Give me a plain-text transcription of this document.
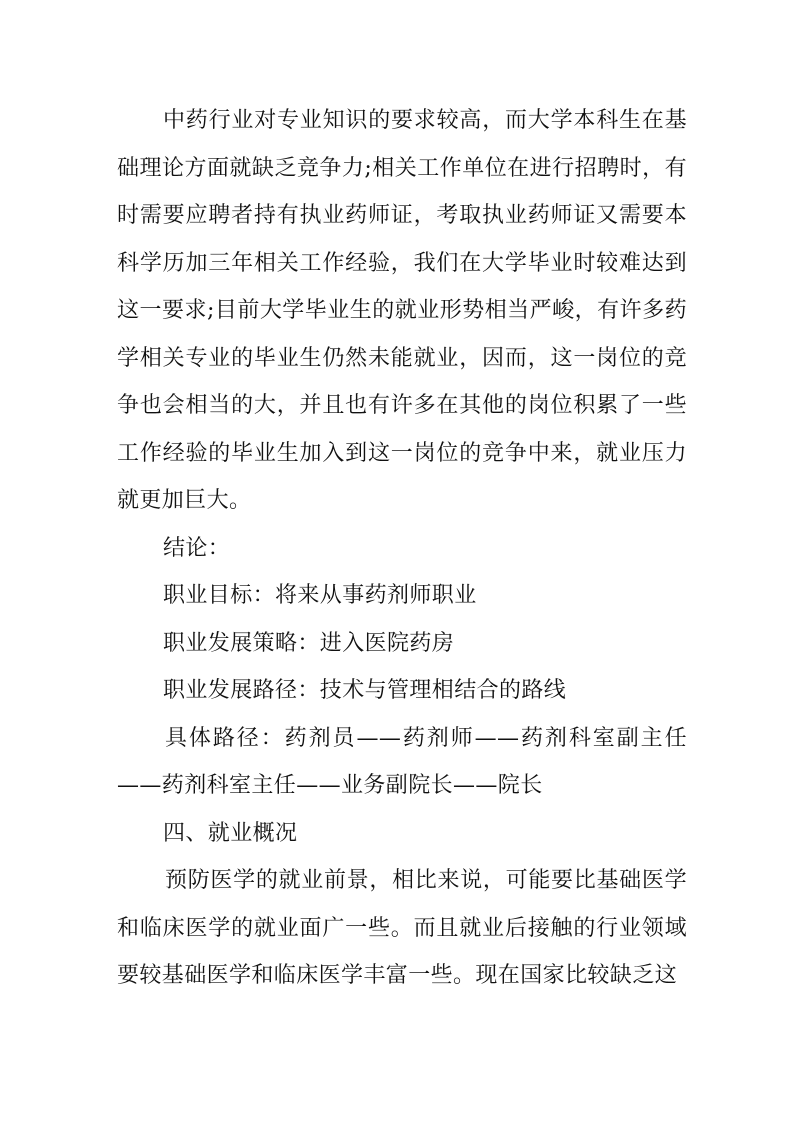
中药行业对专业知识的要求较高，而大学本科生在基础理论方面就缺乏竞争力;相关工作单位在进行招聘时，有时需要应聘者持有执业药师证，考取执业药师证又需要本科学历加三年相关工作经验，我们在大学毕业时较难达到这一要求;目前大学毕业生的就业形势相当严峻，有许多药学相关专业的毕业生仍然未能就业，因而，这一岗位的竞争也会相当的大，并且也有许多在其他的岗位积累了一些工作经验的毕业生加入到这一岗位的竞争中来，就业压力就更加巨大。

结论：

职业目标：将来从事药剂师职业

职业发展策略：进入医院药房

职业发展路径：技术与管理相结合的路线

具体路径：药剂员——药剂师——药剂科室副主任——药剂科室主任——业务副院长——院长

四、就业概况

预防医学的就业前景，相比来说，可能要比基础医学和临床医学的就业面广一些。而且就业后接触的行业领域要较基础医学和临床医学丰富一些。现在国家比较缺乏这
